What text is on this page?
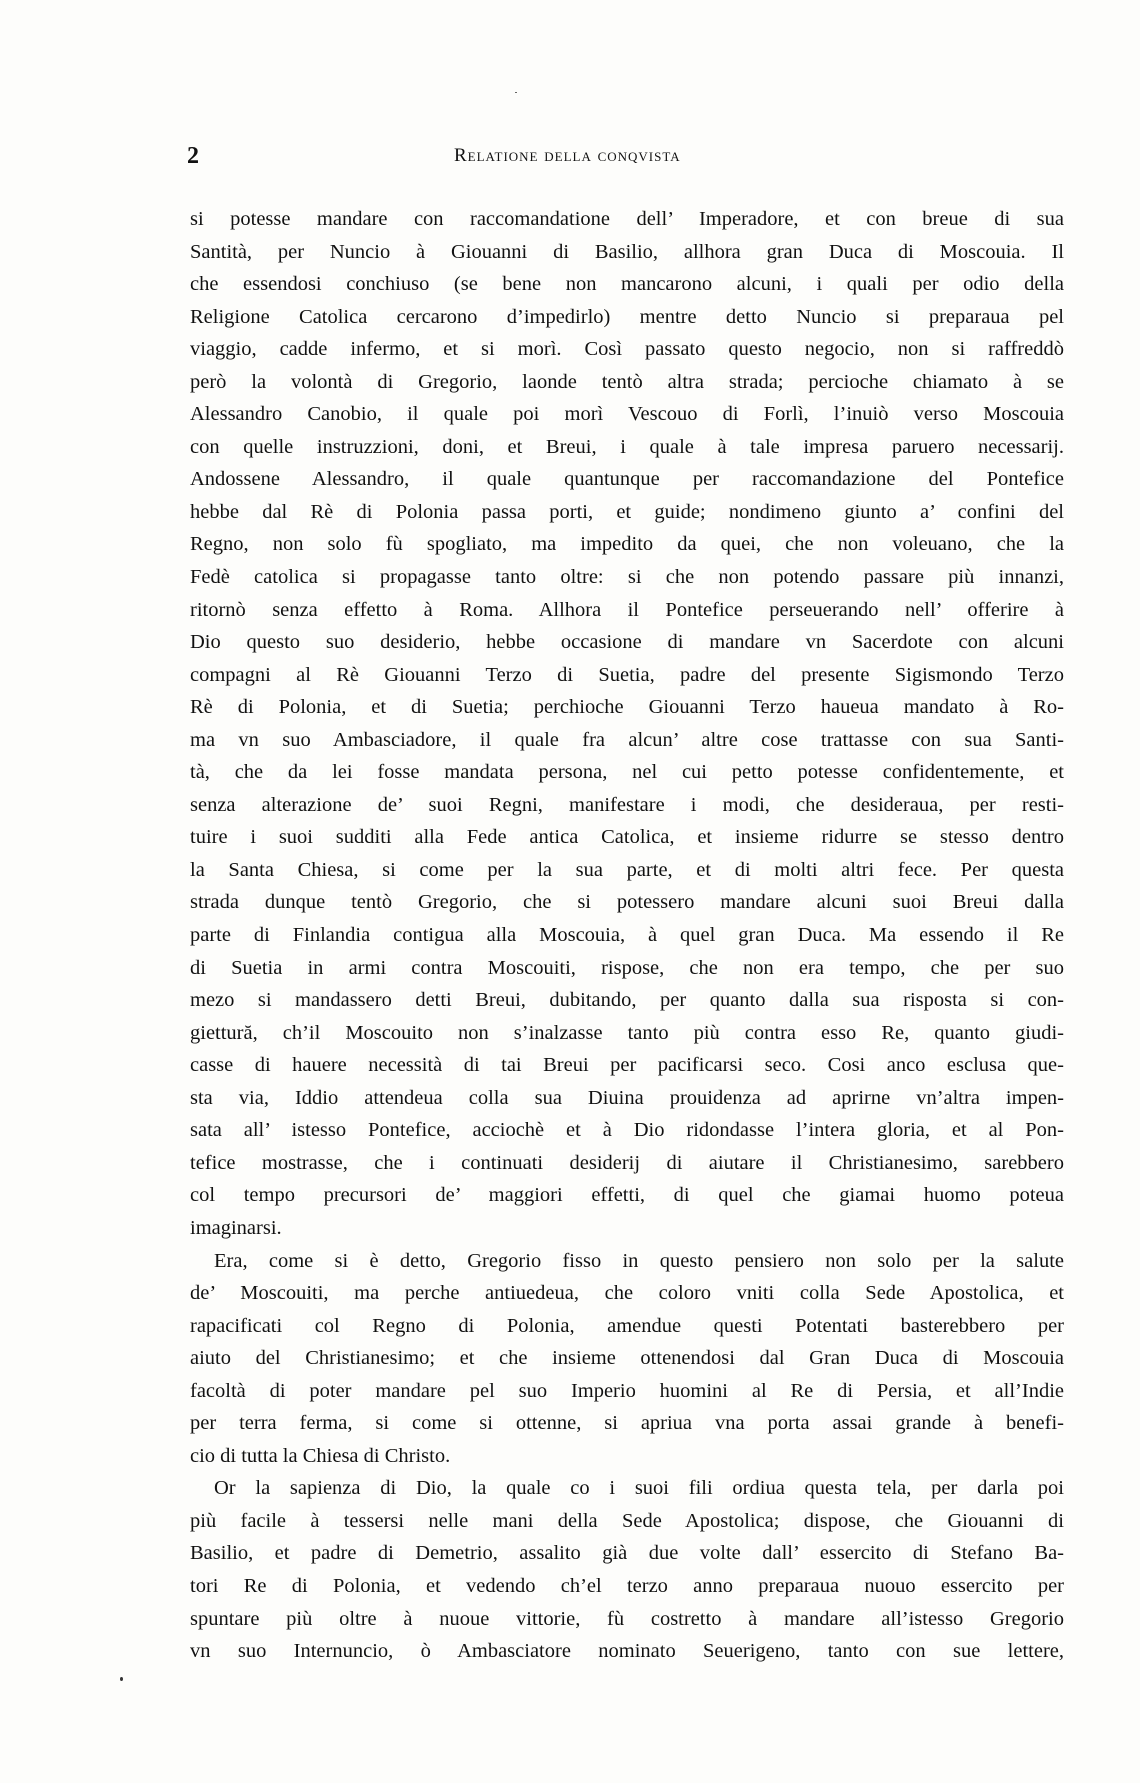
2	Relatione della conqvista
si potesse mandare con raccomandatione dell’ Imperadore, et con breue di sua
Santità, per Nuncio à Giouanni di Basilio, allhora gran Duca di Moscouia. Il
che essendosi conchiuso (se bene non mancarono alcuni, i quali per odio della
Religione Catolica cercarono d’impedirlo) mentre detto Nuncio si preparaua pel
viaggio, cadde infermo, et si morì. Così passato questo negocio, non si raffreddò
però la volontà di Gregorio, laonde tentò altra strada; percioche chiamato à se
Alessandro Canobio, il quale poi morì Vescouo di Forlì, l’inuiò verso Moscouia
con quelle instruzzioni, doni, et Breui, i quale à tale impresa paruero necessarij.
Andossene Alessandro, il quale quantunque per raccomandazione del Pontefice
hebbe dal Rè di Polonia passa porti, et guide; nondimeno giunto a’ confini del
Regno, non solo fù spogliato, ma impedito da quei, che non voleuano, che la
Fedè catolica si propagasse tanto oltre: si che non potendo passare più innanzi,
ritornò senza effetto à Roma. Allhora il Pontefice perseuerando nell’ offerire à
Dio questo suo desiderio, hebbe occasione di mandare vn Sacerdote con alcuni
compagni al Rè Giouanni Terzo di Suetia, padre del presente Sigismondo Terzo
Rè di Polonia, et di Suetia; perchioche Giouanni Terzo haueua mandato à Ro-
ma vn suo Ambasciadore, il quale fra alcun’ altre cose trattasse con sua Santi-
tà, che da lei fosse mandata persona, nel cui petto potesse confidentemente, et
senza alterazione de’ suoi Regni, manifestare i modi, che desideraua, per resti-
tuire i suoi sudditi alla Fede antica Catolica, et insieme ridurre se stesso dentro
la Santa Chiesa, si come per la sua parte, et di molti altri fece. Per questa
strada dunque tentò Gregorio, che si potessero mandare alcuni suoi Breui dalla
parte di Finlandia contigua alla Moscouia, à quel gran Duca. Ma essendo il Re
di Suetia in armi contra Moscouiti, rispose, che non era tempo, che per suo
mezo si mandassero detti Breui, dubitando, per quanto dalla sua risposta si con-
giettură, ch’il Moscouito non s’inalzasse tanto più contra esso Re, quanto giudi-
casse di hauere necessità di tai Breui per pacificarsi seco. Cosi anco esclusa que-
sta via, Iddio attendeua colla sua Diuina prouidenza ad aprirne vn’altra impen-
sata all’ istesso Pontefice, acciochè et à Dio ridondasse l’intera gloria, et al Pon-
tefice mostrasse, che i continuati desiderij di aiutare il Christianesimo, sarebbero
col tempo precursori de’ maggiori effetti, di quel che giamai huomo poteua
imaginarsi.
Era, come si è detto, Gregorio fisso in questo pensiero non solo per la salute
de’ Moscouiti, ma perche antiuedeua, che coloro vniti colla Sede Apostolica, et
rapacificati col Regno di Polonia, amendue questi Potentati basterebbero per
aiuto del Christianesimo; et che insieme ottenendosi dal Gran Duca di Moscouia
facoltà di poter mandare pel suo Imperio huomini al Re di Persia, et all’Indie
per terra ferma, si come si ottenne, si apriua vna porta assai grande à benefi-
cio di tutta la Chiesa di Christo.
Or la sapienza di Dio, la quale co i suoi fili ordiua questa tela, per darla poi
più facile à tessersi nelle mani della Sede Apostolica; dispose, che Giouanni di
Basilio, et padre di Demetrio, assalito già due volte dall’ essercito di Stefano Ba-
tori Re di Polonia, et vedendo ch’el terzo anno preparaua nuouo essercito per
spuntare più oltre à nuoue vittorie, fù costretto à mandare all’istesso Gregorio
vn suo Internuncio, ò Ambasciatore nominato Seuerigeno, tanto con sue lettere,
